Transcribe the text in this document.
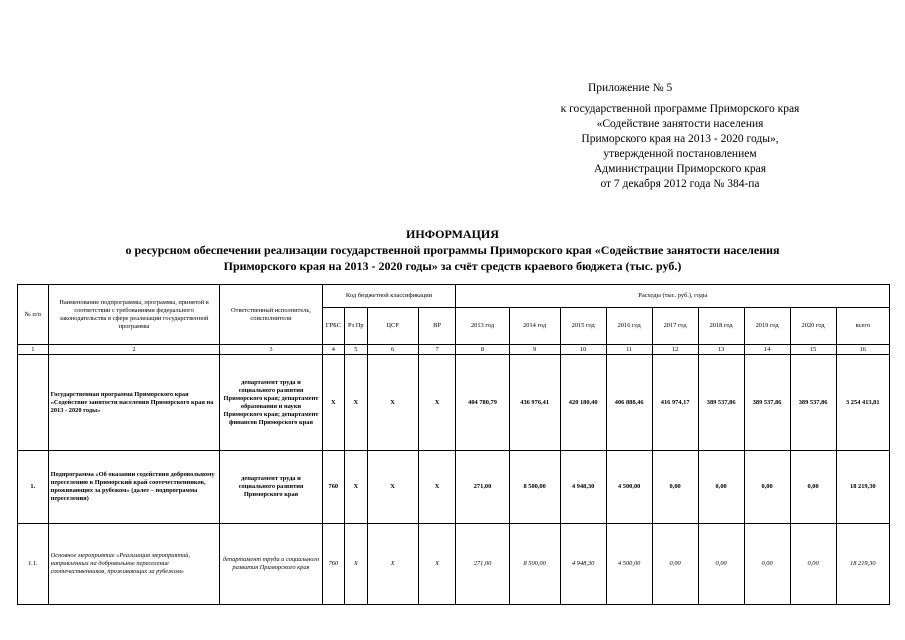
Приложение № 5
к государственной программе Приморского края
«Содействие занятости населения
Приморского края на 2013 - 2020 годы»,
утвержденной постановлением
Администрации Приморского края
от 7 декабря 2012 года № 384-па
ИНФОРМАЦИЯ
о ресурсном обеспечении реализации государственной программы Приморского края «Содействие занятости населения
Приморского края на 2013 - 2020 годы» за счёт средств краевого бюджета (тыс. руб.)
№ п/п	Наименование подпрограммы, программы, принятой в соответствии с требованиями федерального законодательства в сфере реализации государственной программы	Ответственный исполнитель, соисполнители	Код бюджетной классификации				Расходы (тыс. руб.), годы								
			ГРБС	Рз Пр	ЦСР	ВР	2013 год	2014 год	2015 год	2016 год	2017 год	2018 год	2019 год	2020 год	всего
1	2	3	4	5	6	7	8	9	10	11	12	13	14	15	16
	Государственная программа Приморского края «Содействие занятости населения Приморского края на 2013 - 2020 годы»	департамент труда и социального развития Приморского края; департамент образования и науки Приморского края; департамент финансов Приморского края	X	X	X	X	404 780,79	436 976,41	420 180,40	406 888,46	416 974,17	389 537,86	389 537,86	389 537,86	3 254 413,81
1.	Подпрограмма «Об оказании содействия добровольному переселению в Приморский край соотечественников, проживающих за рубежом» (далее – подпрограмма переселения)	департамент труда и социального развития Приморского края	760	X	X	X	271,00	8 500,00	4 948,30	4 500,00	0,00	0,00	0,00	0,00	18 219,30
1.1.	Основное мероприятие «Реализация мероприятий, направленных на добровольное переселение соотечественников, проживающих за рубежом»	департамент труда и социального развития Приморского края	760	X	X	X	271,00	8 500,00	4 948,30	4 500,00	0,00	0,00	0,00	0,00	18 219,30
